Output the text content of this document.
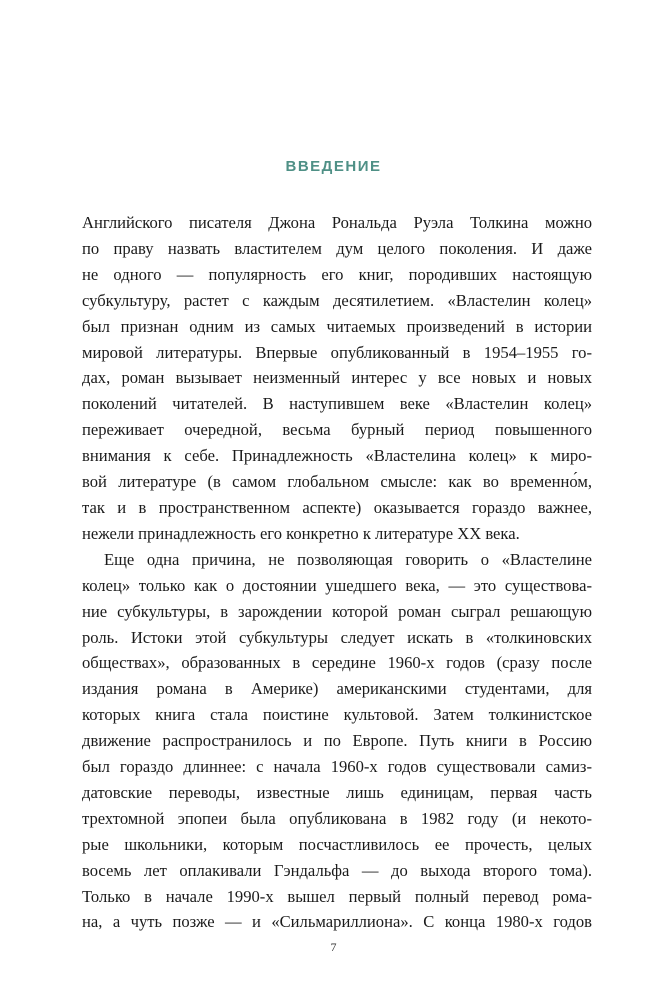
ВВЕДЕНИЕ
Английского писателя Джона Рональда Руэла Толкина можно
по праву назвать властителем дум целого поколения. И даже
не одного — популярность его книг, породивших настоящую
субкультуру, растет с каждым десятилетием. «Властелин колец»
был признан одним из самых читаемых произведений в истории
мировой литературы. Впервые опубликованный в 1954–1955 го-
дах, роман вызывает неизменный интерес у все новых и новых
поколений читателей. В наступившем веке «Властелин колец»
переживает очередной, весьма бурный период повышенного
внимания к себе. Принадлежность «Властелина колец» к миро-
вой литературе (в самом глобальном смысле: как во временно́м,
так и в пространственном аспекте) оказывается гораздо важнее,
нежели принадлежность его конкретно к литературе XX века.
Еще одна причина, не позволяющая говорить о «Властелине
колец» только как о достоянии ушедшего века, — это существова-
ние субкультуры, в зарождении которой роман сыграл решающую
роль. Истоки этой субкультуры следует искать в «толкиновских
обществах», образованных в середине 1960-х годов (сразу после
издания романа в Америке) американскими студентами, для
которых книга стала поистине культовой. Затем толкинистское
движение распространилось и по Европе. Путь книги в Россию
был гораздо длиннее: с начала 1960-х годов существовали самиз-
датовские переводы, известные лишь единицам, первая часть
трехтомной эпопеи была опубликована в 1982 году (и некото-
рые школьники, которым посчастливилось ее прочесть, целых
восемь лет оплакивали Гэндальфа — до выхода второго тома).
Только в начале 1990-х вышел первый полный перевод рома-
на, а чуть позже — и «Сильмариллиона». С конца 1980-х годов
7
